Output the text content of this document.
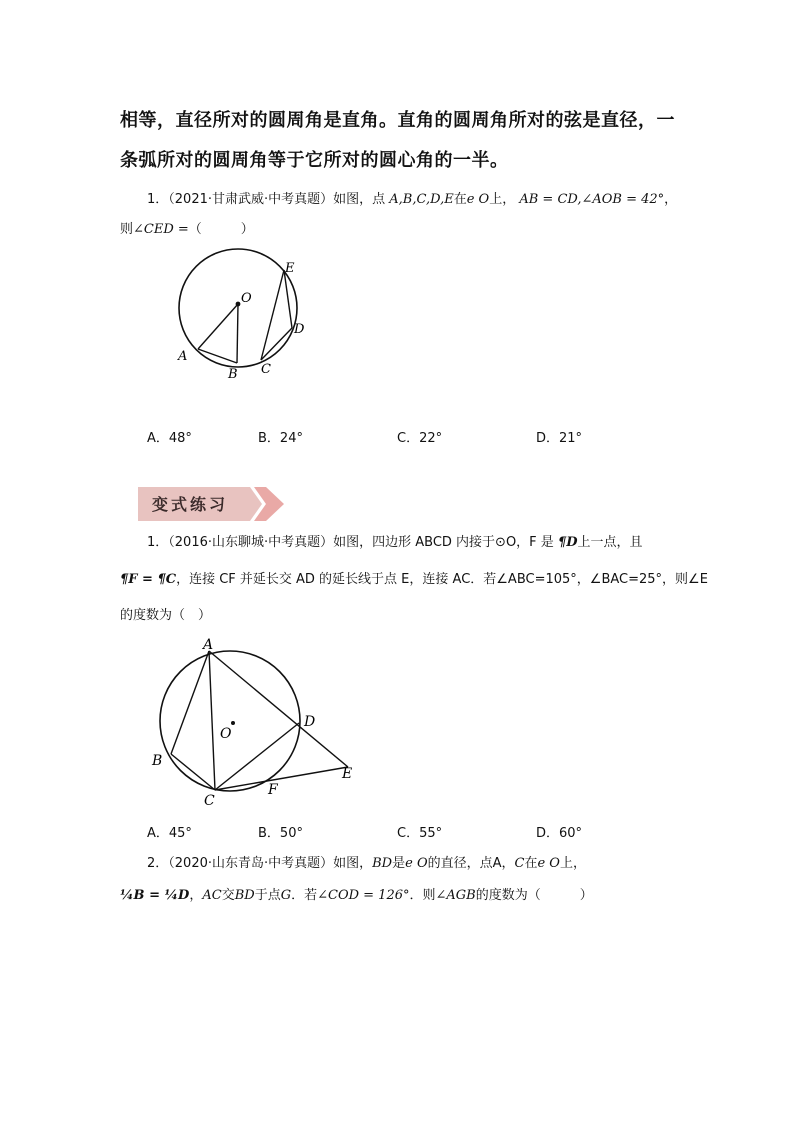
相等，直径所对的圆周角是直角。直角的圆周角所对的弦是直径，一
条弧所对的圆周角等于它所对的圆心角的一半。
1．（2021·甘肃武威·中考真题）如图，点 A,B,C,D,E在e O上， AB = CD,∠AOB = 42°，
则∠CED =（　　　）
O
A
B C
D
E
A．48°	B．24°	C．22°	D．21°
变式练习
1．（2016·山东聊城·中考真题）如图，四边形 ABCD 内接于⊙O，F 是 ¶D上一点，且
¶F = ¶C，连接 CF 并延长交 AD 的延长线于点 E，连接 AC．若∠ABC=105°，∠BAC=25°，则∠E
的度数为（　）
A
B
C
D
E
F
O
A．45°	B．50°	C．55°	D．60°
2．（2020·山东青岛·中考真题）如图，BD是e O的直径，点A，C在e O上，
¼B = ¼D，AC交BD于点G．若∠COD = 126°．则∠AGB的度数为（　　　）
